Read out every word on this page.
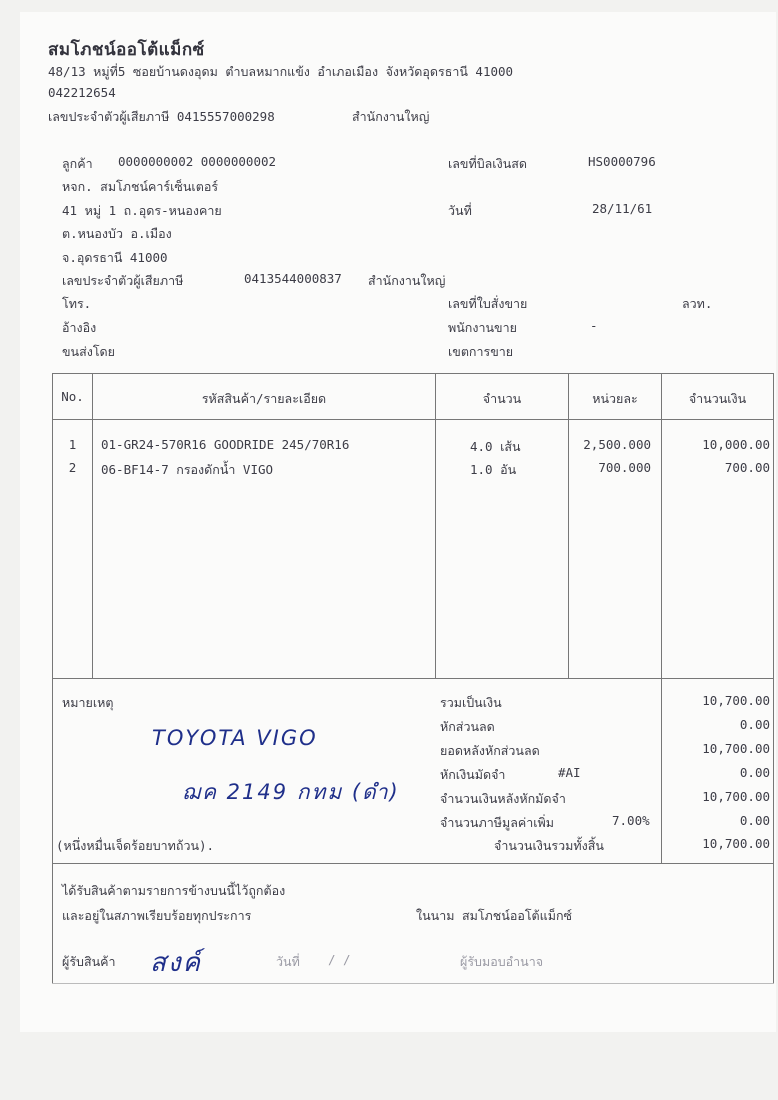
สมโภชน์ออโต้แม็กซ์
48/13 หมู่ที่5 ซอยบ้านดงอุดม ตำบลหมากแข้ง อำเภอเมือง จังหวัดอุดรธานี 41000
042212654
เลขประจำตัวผู้เสียภาษี 0415557000298	สำนักงานใหญ่
ลูกค้า 0000000002 0000000002
หจก. สมโภชน์คาร์เซ็นเตอร์
41 หมู่ 1 ถ.อุดร-หนองคาย
ต.หนองบัว อ.เมือง
จ.อุดรธานี 41000
เลขประจำตัวผู้เสียภาษี	0413544000837 สำนักงานใหญ่
โทร.
อ้างอิง
ขนส่งโดย
เลขที่บิลเงินสด	HS0000796
วันที่	28/11/61
เลขที่ใบสั่งขาย	ลวท.
พนักงานขาย	-
เขตการขาย
No.	รหัสสินค้า/รายละเอียด	จำนวน	หน่วยละ	จำนวนเงิน
1	01-GR24-570R16 GOODRIDE 245/70R16	4.0 เส้น	2,500.000	10,000.00
2	06-BF14-7 กรองดักน้ำ VIGO	1.0 อัน	700.000	700.00
หมายเหตุ
TOYOTA VIGO
ฌค 2149 กทม (ดำ)
(หนึ่งหมื่นเจ็ดร้อยบาทถ้วน).
รวมเป็นเงิน	10,700.00
หักส่วนลด	0.00
ยอดหลังหักส่วนลด	10,700.00
หักเงินมัดจำ	#AI	0.00
จำนวนเงินหลังหักมัดจำ	10,700.00
จำนวนภาษีมูลค่าเพิ่ม	7.00%	0.00
จำนวนเงินรวมทั้งสิ้น	10,700.00
ได้รับสินค้าตามรายการข้างบนนี้ไว้ถูกต้อง
และอยู่ในสภาพเรียบร้อยทุกประการ	ในนาม สมโภชน์ออโต้แม็กซ์
ผู้รับสินค้า สงค์	วันที่ / /	ผู้รับมอบอำนาจ
